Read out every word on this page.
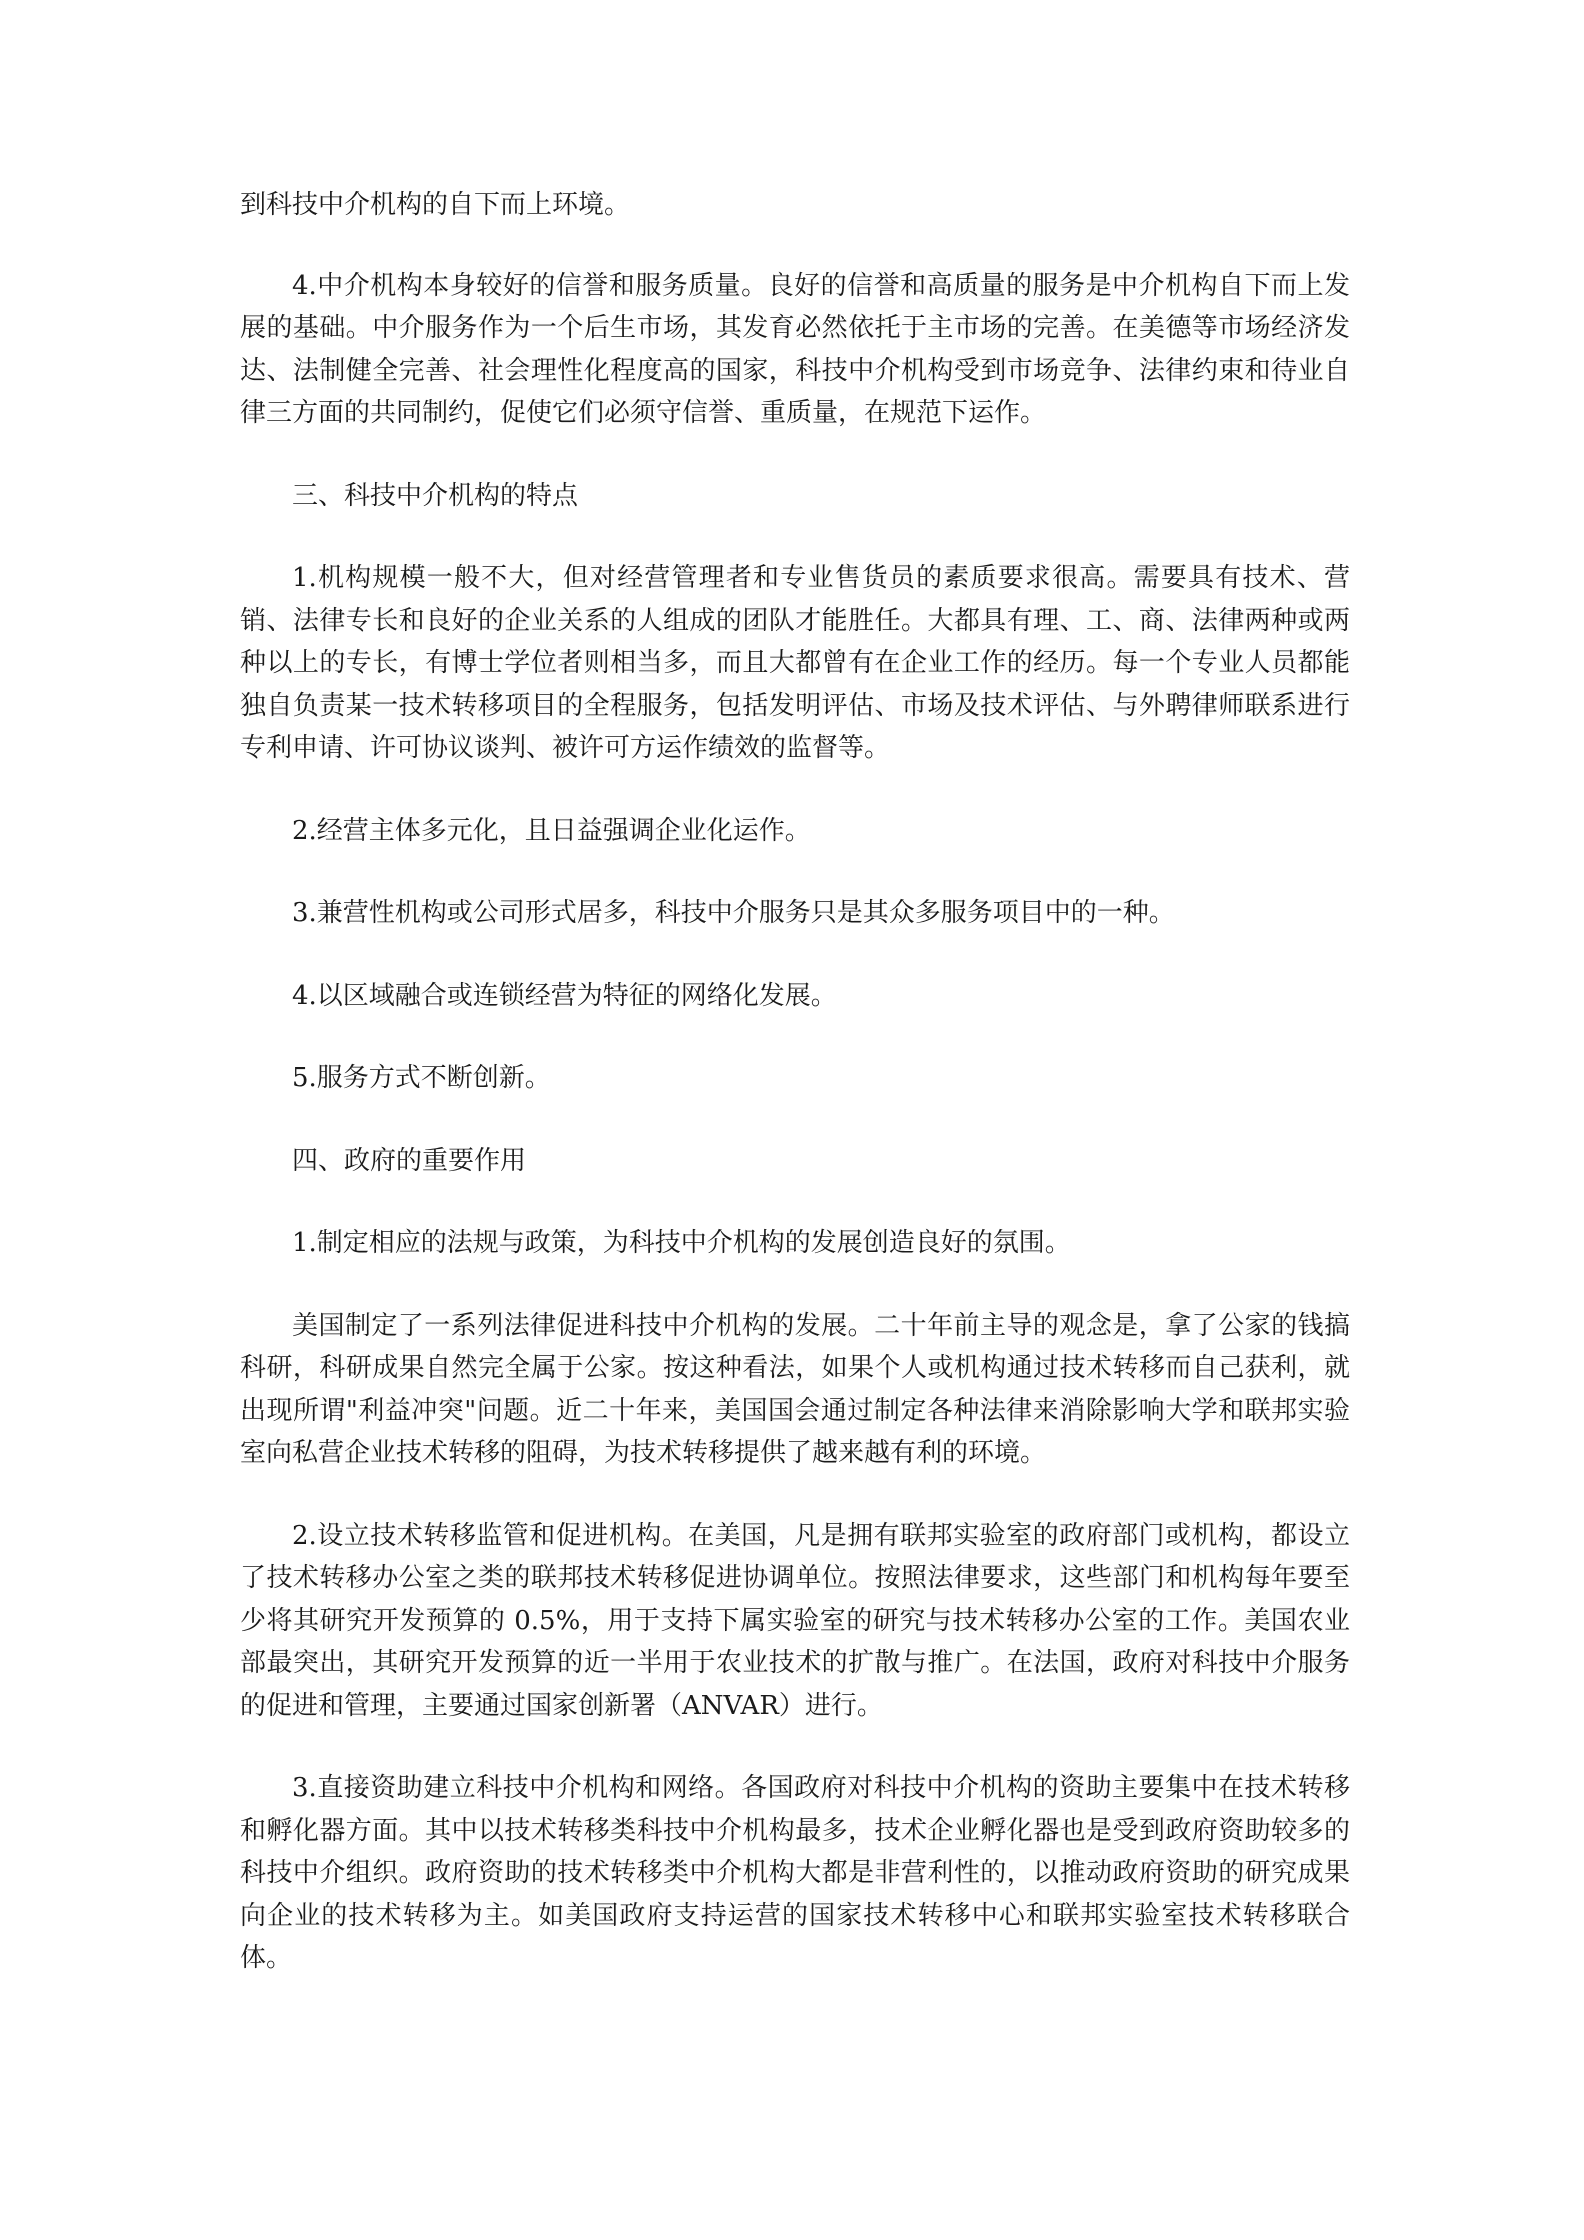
到科技中介机构的自下而上环境。

4.中介机构本身较好的信誉和服务质量。良好的信誉和高质量的服务是中介机构自下而上发展的基础。中介服务作为一个后生市场，其发育必然依托于主市场的完善。在美德等市场经济发达、法制健全完善、社会理性化程度高的国家，科技中介机构受到市场竞争、法律约束和待业自律三方面的共同制约，促使它们必须守信誉、重质量，在规范下运作。

三、科技中介机构的特点

1.机构规模一般不大，但对经营管理者和专业售货员的素质要求很高。需要具有技术、营销、法律专长和良好的企业关系的人组成的团队才能胜任。大都具有理、工、商、法律两种或两种以上的专长，有博士学位者则相当多，而且大都曾有在企业工作的经历。每一个专业人员都能独自负责某一技术转移项目的全程服务，包括发明评估、市场及技术评估、与外聘律师联系进行专利申请、许可协议谈判、被许可方运作绩效的监督等。

2.经营主体多元化，且日益强调企业化运作。

3.兼营性机构或公司形式居多，科技中介服务只是其众多服务项目中的一种。

4.以区域融合或连锁经营为特征的网络化发展。

5.服务方式不断创新。

四、政府的重要作用

1.制定相应的法规与政策，为科技中介机构的发展创造良好的氛围。

美国制定了一系列法律促进科技中介机构的发展。二十年前主导的观念是，拿了公家的钱搞科研，科研成果自然完全属于公家。按这种看法，如果个人或机构通过技术转移而自己获利，就出现所谓"利益冲突"问题。近二十年来，美国国会通过制定各种法律来消除影响大学和联邦实验室向私营企业技术转移的阻碍，为技术转移提供了越来越有利的环境。

2.设立技术转移监管和促进机构。在美国，凡是拥有联邦实验室的政府部门或机构，都设立了技术转移办公室之类的联邦技术转移促进协调单位。按照法律要求，这些部门和机构每年要至少将其研究开发预算的 0.5%，用于支持下属实验室的研究与技术转移办公室的工作。美国农业部最突出，其研究开发预算的近一半用于农业技术的扩散与推广。在法国，政府对科技中介服务的促进和管理，主要通过国家创新署（ANVAR）进行。

3.直接资助建立科技中介机构和网络。各国政府对科技中介机构的资助主要集中在技术转移和孵化器方面。其中以技术转移类科技中介机构最多，技术企业孵化器也是受到政府资助较多的科技中介组织。政府资助的技术转移类中介机构大都是非营利性的，以推动政府资助的研究成果向企业的技术转移为主。如美国政府支持运营的国家技术转移中心和联邦实验室技术转移联合体。
